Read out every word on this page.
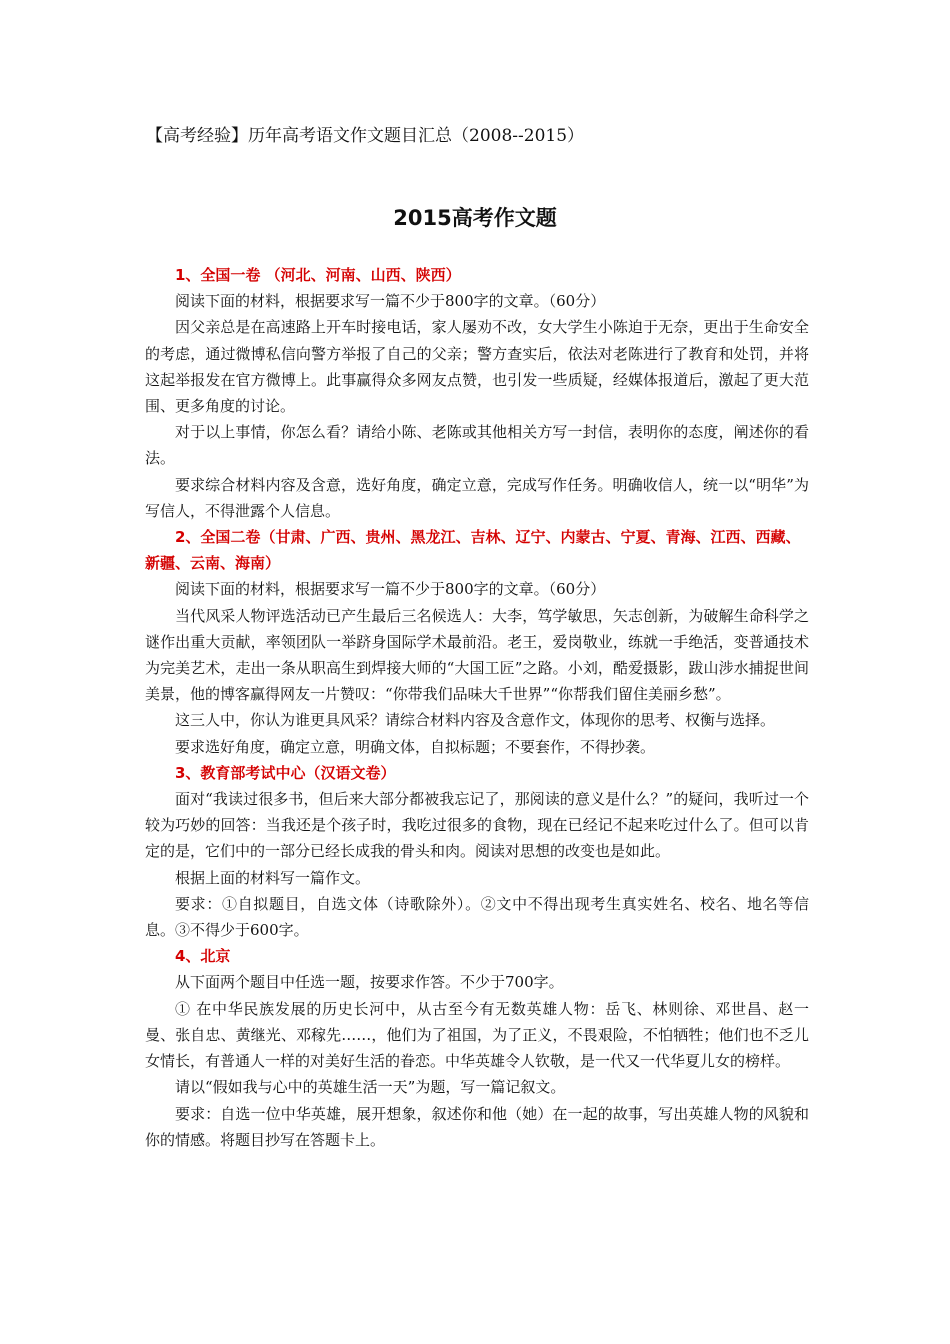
【高考经验】历年高考语文作文题目汇总（2008--2015）
2015高考作文题
1、全国一卷 （河北、河南、山西、陕西）

阅读下面的材料，根据要求写一篇不少于800字的文章。（60分）

因父亲总是在高速路上开车时接电话，家人屡劝不改，女大学生小陈迫于无奈，更出于生命安全的考虑，通过微博私信向警方举报了自己的父亲；警方查实后，依法对老陈进行了教育和处罚，并将这起举报发在官方微博上。此事赢得众多网友点赞，也引发一些质疑，经媒体报道后，激起了更大范围、更多角度的讨论。

对于以上事情，你怎么看？请给小陈、老陈或其他相关方写一封信，表明你的态度，阐述你的看法。

要求综合材料内容及含意，选好角度，确定立意，完成写作任务。明确收信人，统一以“明华”为写信人，不得泄露个人信息。

2、全国二卷（甘肃、广西、贵州、黑龙江、吉林、辽宁、内蒙古、宁夏、青海、江西、西藏、新疆、云南、海南）

阅读下面的材料，根据要求写一篇不少于800字的文章。（60分）

当代风采人物评选活动已产生最后三名候选人：大李，笃学敏思，矢志创新，为破解生命科学之谜作出重大贡献，率领团队一举跻身国际学术最前沿。老王，爱岗敬业，练就一手绝活，变普通技术为完美艺术，走出一条从职高生到焊接大师的“大国工匠”之路。小刘，酷爱摄影，跋山涉水捕捉世间美景，他的博客赢得网友一片赞叹：“你带我们品味大千世界”“你帮我们留住美丽乡愁”。

这三人中，你认为谁更具风采？请综合材料内容及含意作文，体现你的思考、权衡与选择。

要求选好角度，确定立意，明确文体，自拟标题；不要套作，不得抄袭。

3、教育部考试中心（汉语文卷）

面对“我读过很多书，但后来大部分都被我忘记了，那阅读的意义是什么？”的疑问，我听过一个较为巧妙的回答：当我还是个孩子时，我吃过很多的食物，现在已经记不起来吃过什么了。但可以肯定的是，它们中的一部分已经长成我的骨头和肉。阅读对思想的改变也是如此。

根据上面的材料写一篇作文。

要求：①自拟题目，自选文体（诗歌除外）。②文中不得出现考生真实姓名、校名、地名等信息。③不得少于600字。

4、北京

从下面两个题目中任选一题，按要求作答。不少于700字。

① 在中华民族发展的历史长河中，从古至今有无数英雄人物：岳飞、林则徐、邓世昌、赵一曼、张自忠、黄继光、邓稼先……，他们为了祖国，为了正义，不畏艰险，不怕牺牲；他们也不乏儿女情长，有普通人一样的对美好生活的眷恋。中华英雄令人钦敬，是一代又一代华夏儿女的榜样。

请以“假如我与心中的英雄生活一天”为题，写一篇记叙文。

要求：自选一位中华英雄，展开想象，叙述你和他（她）在一起的故事，写出英雄人物的风貌和你的情感。将题目抄写在答题卡上。
